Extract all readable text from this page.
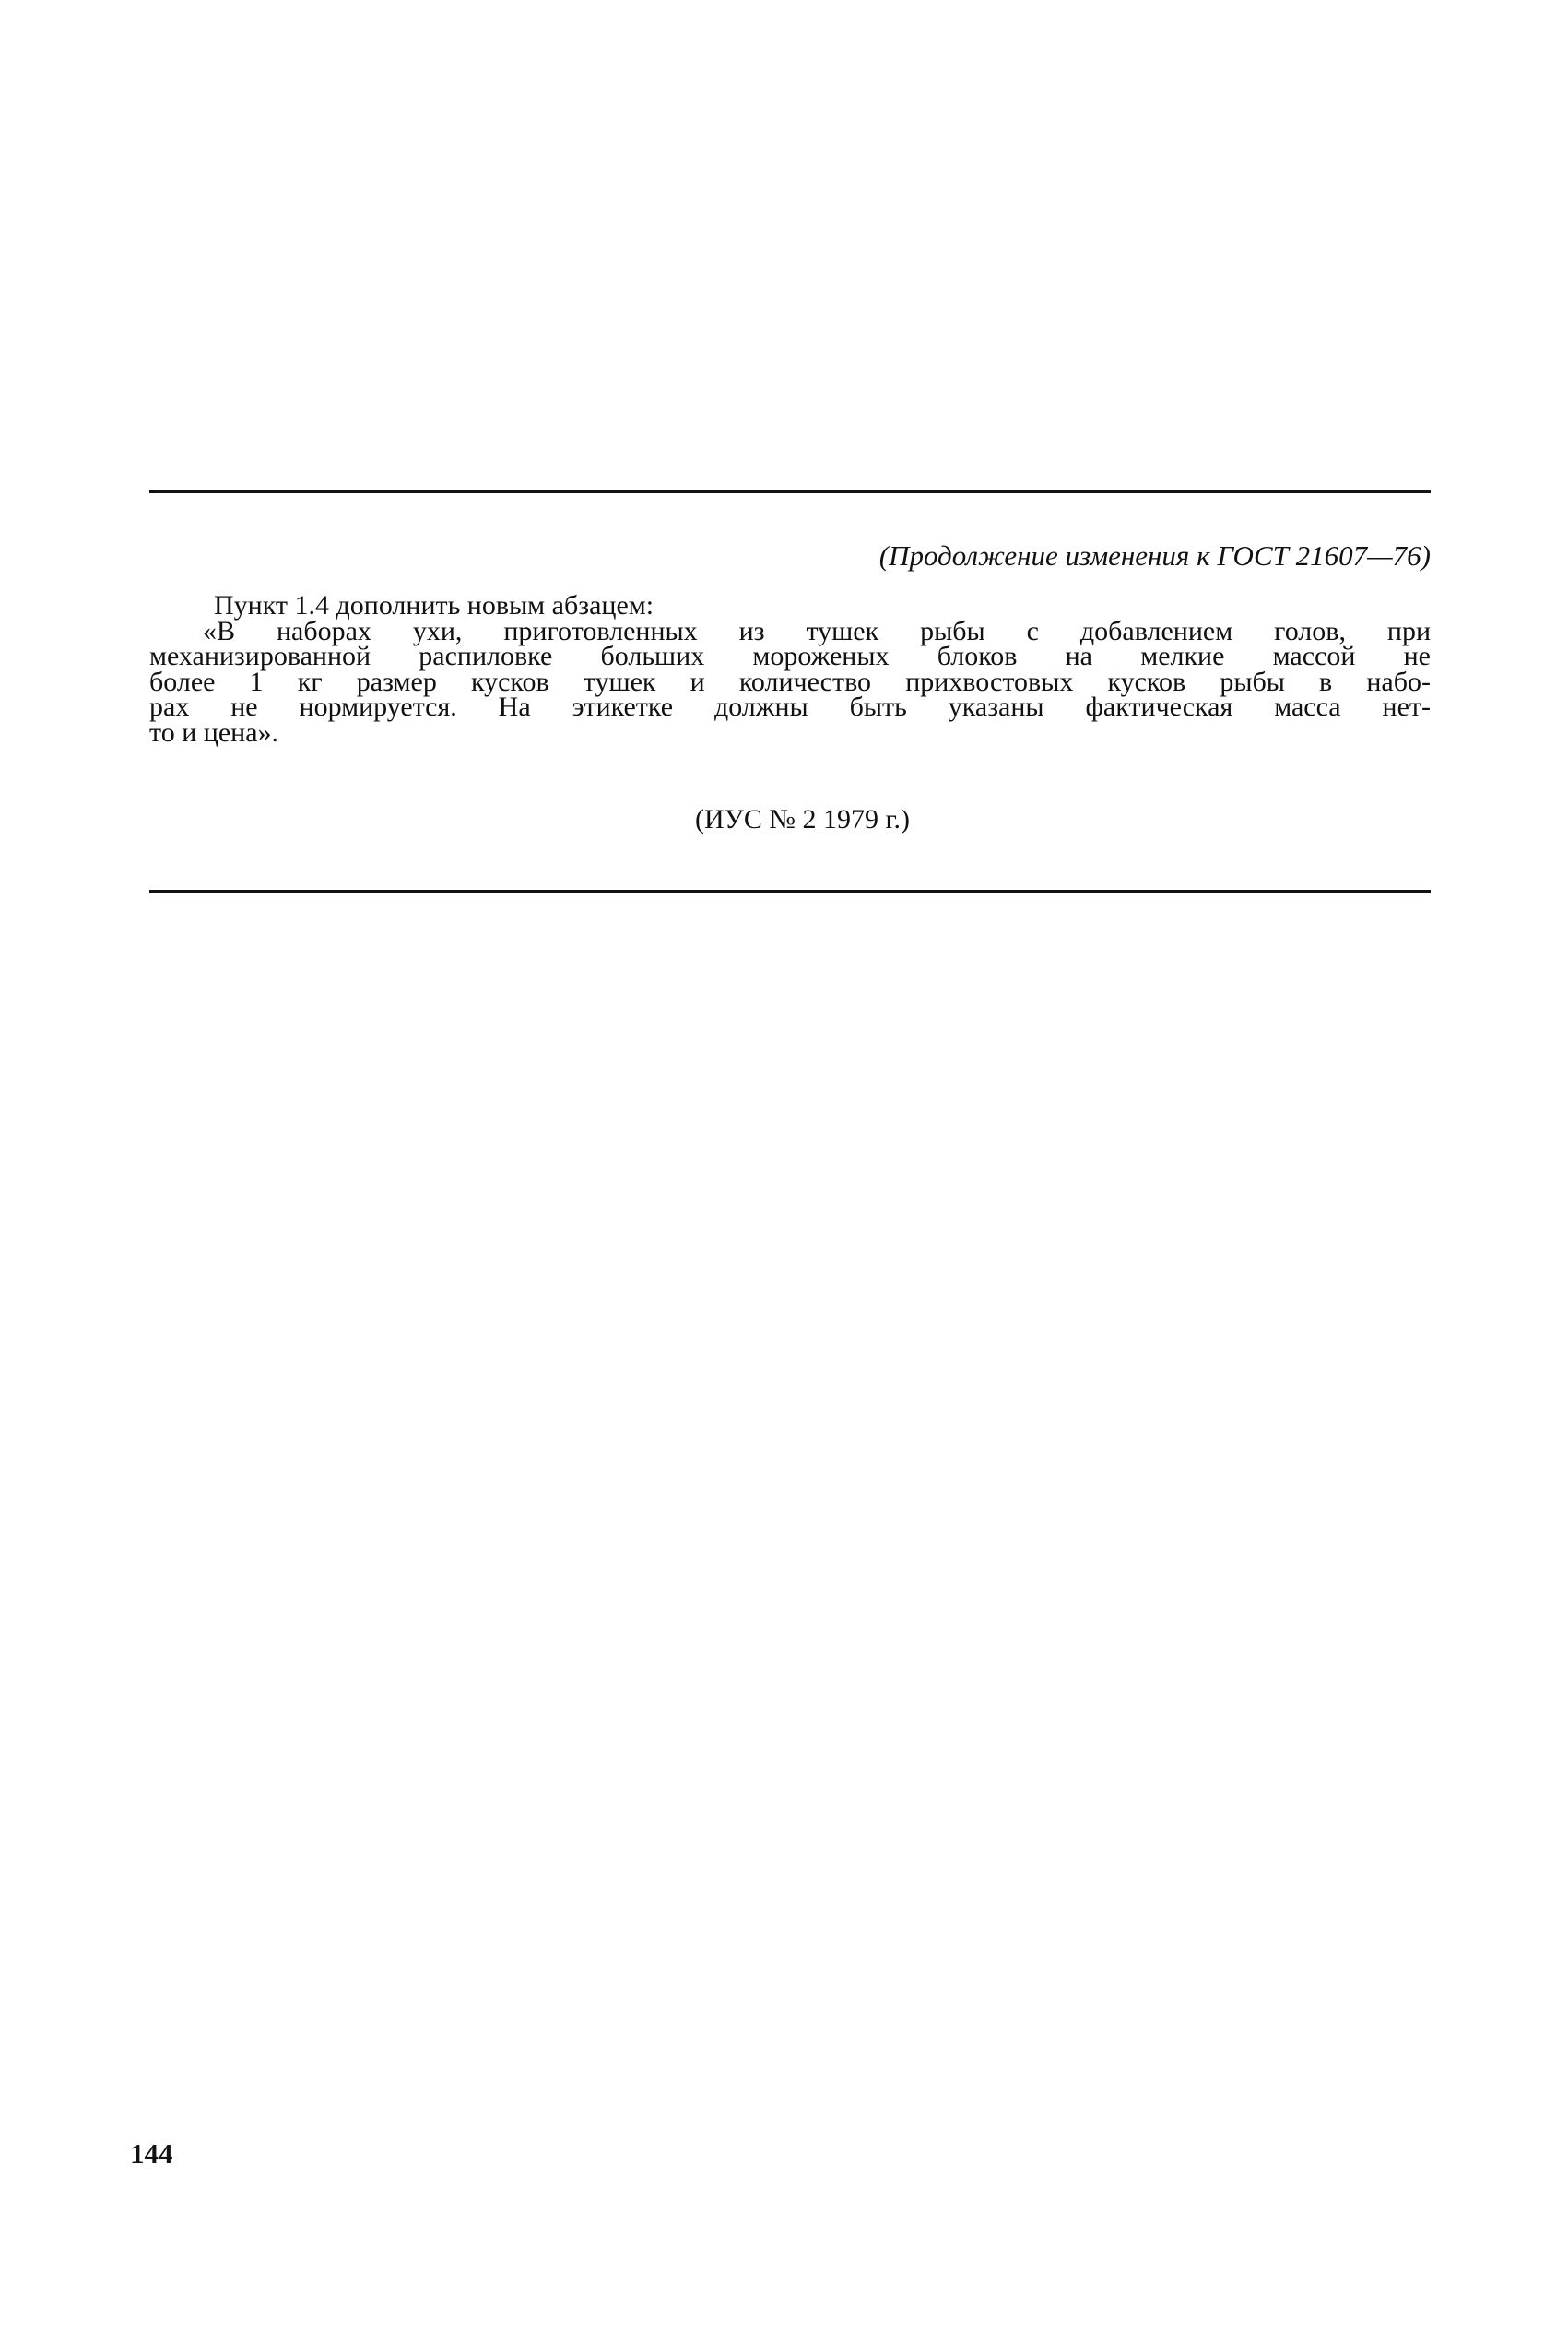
(Продолжение изменения к ГОСТ 21607—76)
Пункт 1.4 дополнить новым абзацем:
«В наборах ухи, приготовленных из тушек рыбы с добавлением голов, при
механизированной распиловке больших мороженых блоков на мелкие массой не
более 1 кг размер кусков тушек и количество прихвостовых кусков рыбы в набо-
рах не нормируется. На этикетке должны быть указаны фактическая масса нет-
то и цена».
(ИУС № 2 1979 г.)
144
